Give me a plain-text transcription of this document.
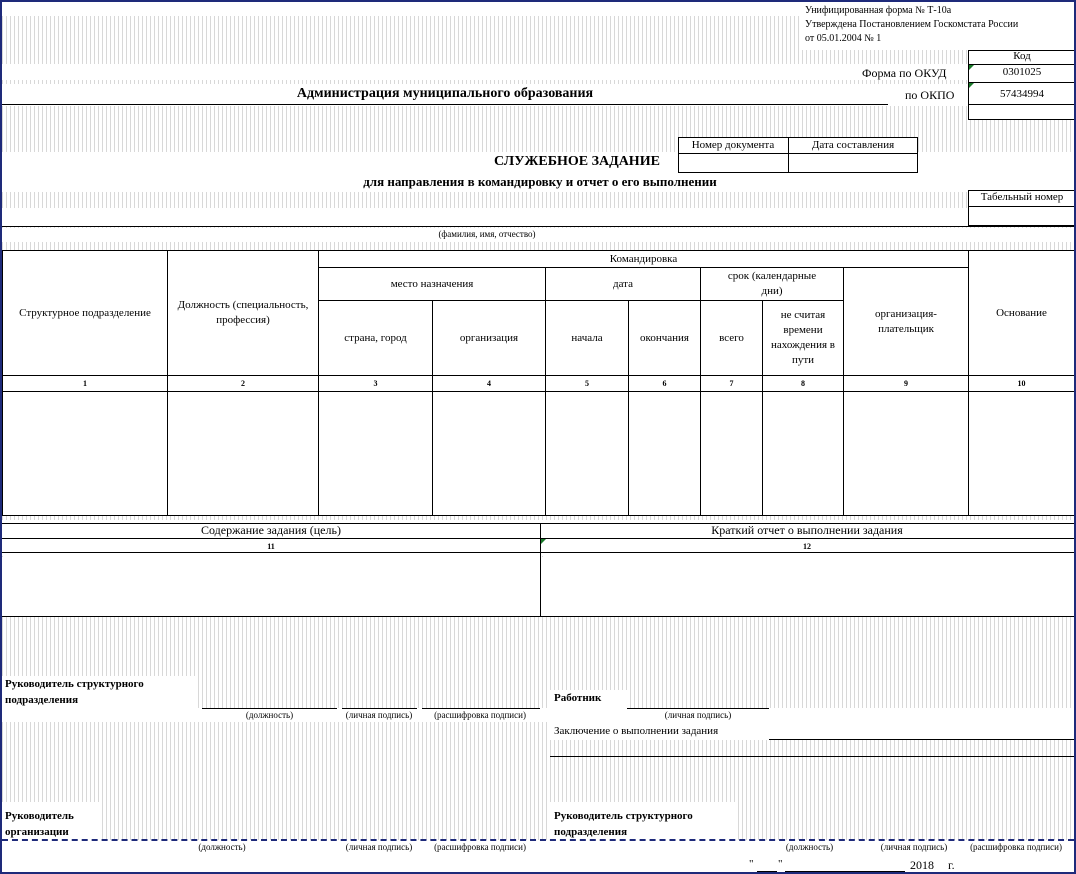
Унифицированная форма № Т-10а
Утверждена Постановлением Госкомстата России
от 05.01.2004 № 1
Код
0301025
57434994
Форма по ОКУД
по ОКПО
Администрация муниципального образования
Номер документа	Дата составления
СЛУЖЕБНОЕ ЗАДАНИЕ
для направления в командировку и отчет о его выполнении
Табельный номер
(фамилия, имя, отчество)
Структурное подразделение	Должность (специальность, профессия)	Командировка							Основание
		место назначения		дата		срок (календарные дни)		организация-плательщик	
		страна, город	организация	начала	окончания	всего	не считая времени нахождения в пути		
1	2	3	4	5	6	7	8	9	10

Содержание задания (цель)	Краткий отчет о выполнении задания
11	12
Руководитель структурного подразделения
(должность)	(личная подпись)	(расшифровка подписи)
Работник
(личная подпись)
Заключение о выполнении задания
Руководитель организации
Руководитель структурного подразделения
(должность)	(личная подпись)	(расшифровка подписи)	(должность)	(личная подпись)	(расшифровка подписи)
" "	2018 г.
